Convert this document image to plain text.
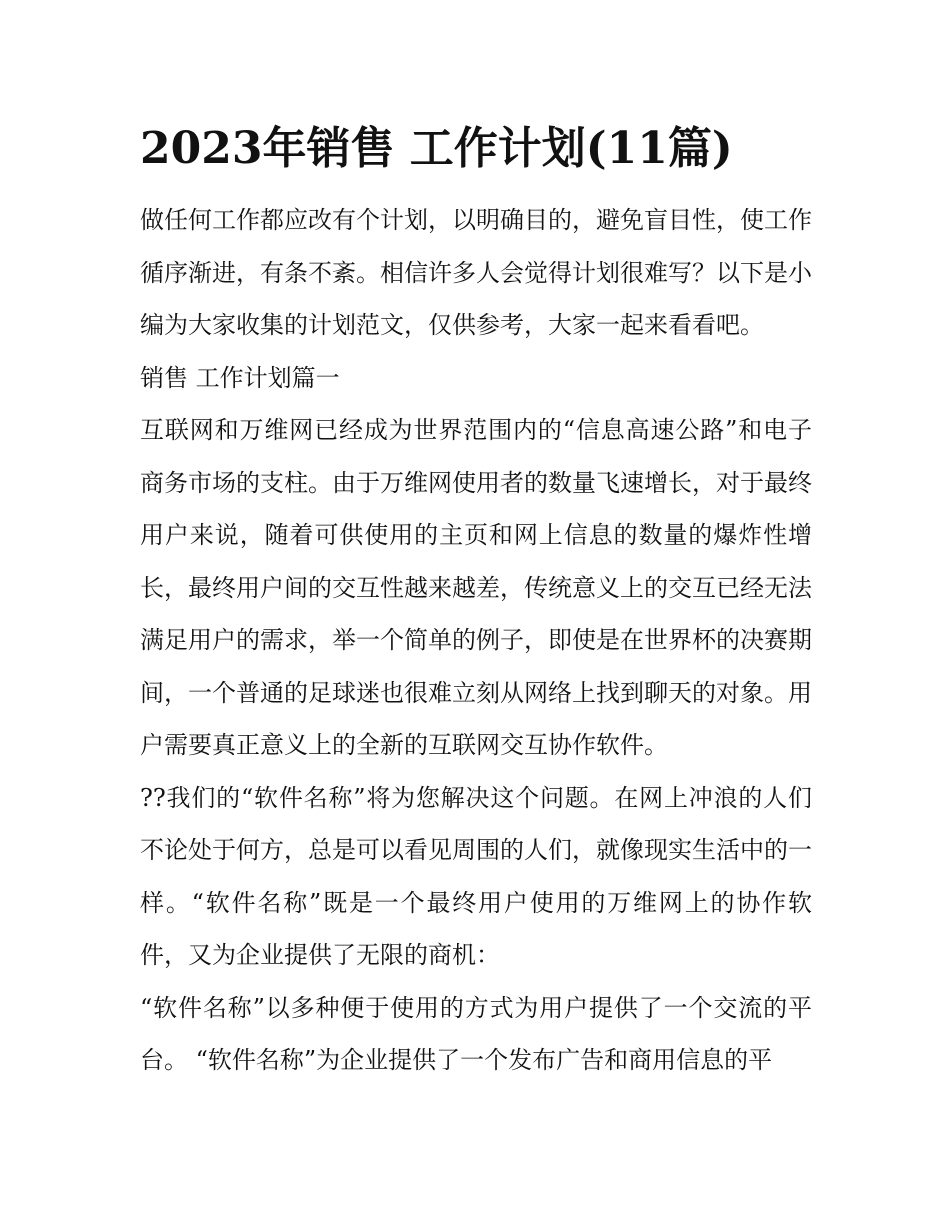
2023年销售 工作计划(11篇)

做任何工作都应改有个计划，以明确目的，避免盲目性，使工作循序渐进，有条不紊。相信许多人会觉得计划很难写？以下是小编为大家收集的计划范文，仅供参考，大家一起来看看吧。

销售 工作计划篇一

互联网和万维网已经成为世界范围内的“信息高速公路”和电子商务市场的支柱。由于万维网使用者的数量飞速增长，对于最终用户来说，随着可供使用的主页和网上信息的数量的爆炸性增长，最终用户间的交互性越来越差，传统意义上的交互已经无法满足用户的需求，举一个简单的例子，即使是在世界杯的决赛期间，一个普通的足球迷也很难立刻从网络上找到聊天的对象。用户需要真正意义上的全新的互联网交互协作软件。

??我们的“软件名称”将为您解决这个问题。在网上冲浪的人们不论处于何方，总是可以看见周围的人们，就像现实生活中的一样。“软件名称”既是一个最终用户使用的万维网上的协作软件，又为企业提供了无限的商机：

“软件名称”以多种便于使用的方式为用户提供了一个交流的平台。 “软件名称”为企业提供了一个发布广告和商用信息的平
